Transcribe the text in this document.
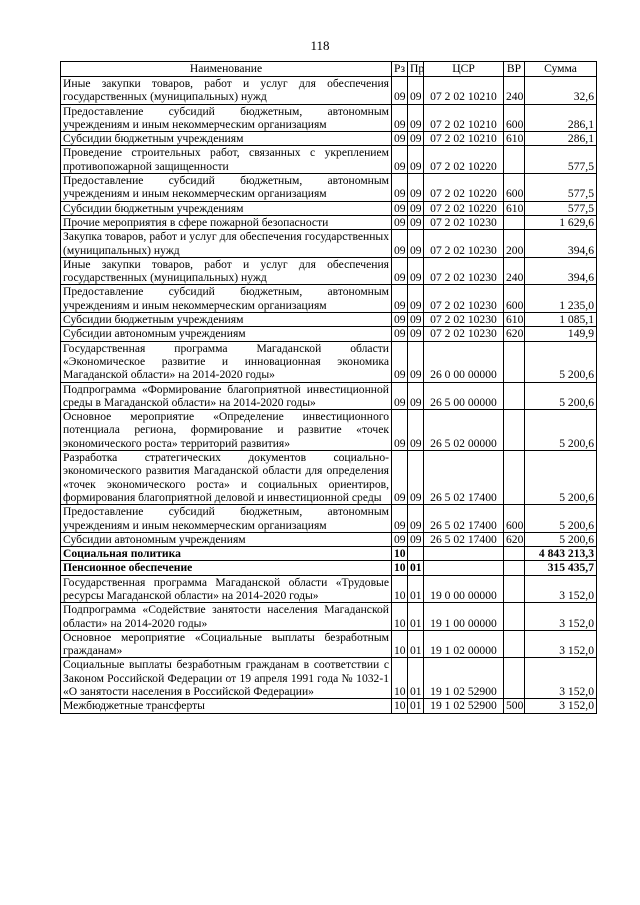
118
Наименование	Рз	Пр	ЦСР	ВР	Сумма
Иные закупки товаров, работ и услуг для обеспечения государственных (муниципальных) нужд	09	09	07 2 02 10210	240	32,6
Предоставление субсидий бюджетным, автономным учреждениям и иным некоммерческим организациям	09	09	07 2 02 10210	600	286,1
Субсидии бюджетным учреждениям	09	09	07 2 02 10210	610	286,1
Проведение строительных работ, связанных с укреплением противопожарной защищенности	09	09	07 2 02 10220		577,5
Предоставление субсидий бюджетным, автономным учреждениям и иным некоммерческим организациям	09	09	07 2 02 10220	600	577,5
Субсидии бюджетным учреждениям	09	09	07 2 02 10220	610	577,5
Прочие мероприятия в сфере пожарной безопасности	09	09	07 2 02 10230		1 629,6
Закупка товаров, работ и услуг для обеспечения государственных (муниципальных) нужд	09	09	07 2 02 10230	200	394,6
Иные закупки товаров, работ и услуг для обеспечения государственных (муниципальных) нужд	09	09	07 2 02 10230	240	394,6
Предоставление субсидий бюджетным, автономным учреждениям и иным некоммерческим организациям	09	09	07 2 02 10230	600	1 235,0
Субсидии бюджетным учреждениям	09	09	07 2 02 10230	610	1 085,1
Субсидии автономным учреждениям	09	09	07 2 02 10230	620	149,9
Государственная программа Магаданской области «Экономическое развитие и инновационная экономика Магаданской области» на 2014-2020 годы»	09	09	26 0 00 00000		5 200,6
Подпрограмма «Формирование благоприятной инвестиционной среды в Магаданской области» на 2014-2020 годы»	09	09	26 5 00 00000		5 200,6
Основное мероприятие «Определение инвестиционного потенциала региона, формирование и развитие «точек экономического роста» территорий развития»	09	09	26 5 02 00000		5 200,6
Разработка стратегических документов социально-экономического развития Магаданской области для определения «точек экономического роста» и социальных ориентиров, формирования благоприятной деловой и инвестиционной среды	09	09	26 5 02 17400		5 200,6
Предоставление субсидий бюджетным, автономным учреждениям и иным некоммерческим организациям	09	09	26 5 02 17400	600	5 200,6
Субсидии автономным учреждениям	09	09	26 5 02 17400	620	5 200,6
Социальная политика	10				4 843 213,3
Пенсионное обеспечение	10	01			315 435,7
Государственная программа Магаданской области «Трудовые ресурсы Магаданской области» на 2014-2020 годы»	10	01	19 0 00 00000		3 152,0
Подпрограмма «Содействие занятости населения Магаданской области» на 2014-2020 годы»	10	01	19 1 00 00000		3 152,0
Основное мероприятие «Социальные выплаты безработным гражданам»	10	01	19 1 02 00000		3 152,0
Социальные выплаты безработным гражданам в соответствии с Законом Российской Федерации от 19 апреля 1991 года № 1032-1 «О занятости населения в Российской Федерации»	10	01	19 1 02 52900		3 152,0
Межбюджетные трансферты	10	01	19 1 02 52900	500	3 152,0
